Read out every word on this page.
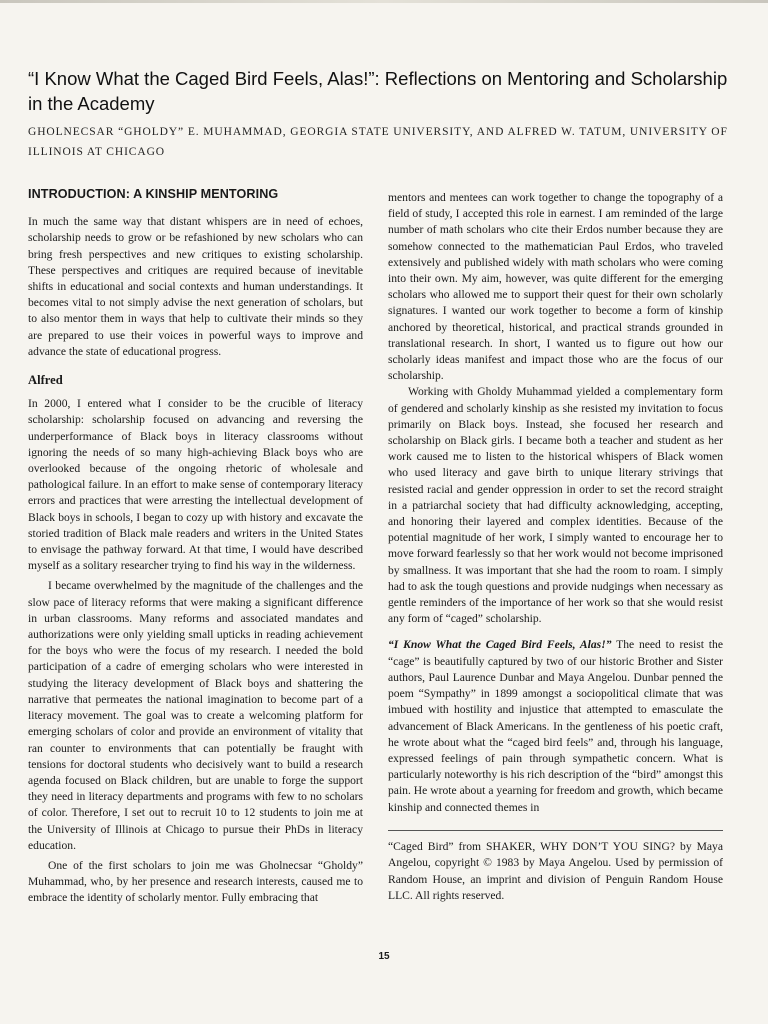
“I Know What the Caged Bird Feels, Alas!”: Reflections on Mentoring and Scholarship in the Academy

GHOLNECSAR “GHOLDY” E. MUHAMMAD, GEORGIA STATE UNIVERSITY, AND ALFRED W. TATUM, UNIVERSITY OF ILLINOIS AT CHICAGO

INTRODUCTION: A KINSHIP MENTORING

In much the same way that distant whispers are in need of echoes, scholarship needs to grow or be refashioned by new scholars who can bring fresh perspectives and new critiques to existing scholarship. These perspectives and critiques are required because of inevitable shifts in educational and social contexts and human understandings. It becomes vital to not simply advise the next generation of scholars, but to also mentor them in ways that help to cultivate their minds so they are prepared to use their voices in powerful ways to improve and advance the state of educational progress.

Alfred

In 2000, I entered what I consider to be the crucible of literacy scholarship: scholarship focused on advancing and reversing the underperformance of Black boys in literacy classrooms without ignoring the needs of so many high-achieving Black boys who are overlooked because of the ongoing rhetoric of wholesale and pathological failure. In an effort to make sense of contemporary literacy errors and practices that were arresting the intellectual development of Black boys in schools, I began to cozy up with history and excavate the storied tradition of Black male readers and writers in the United States to envisage the pathway forward. At that time, I would have described myself as a solitary researcher trying to find his way in the wilderness.

I became overwhelmed by the magnitude of the challenges and the slow pace of literacy reforms that were making a significant difference in urban classrooms. Many reforms and associated mandates and authorizations were only yielding small upticks in reading achievement for the boys who were the focus of my research. I needed the bold participation of a cadre of emerging scholars who were interested in studying the literacy development of Black boys and shattering the narrative that permeates the national imagination to become part of a literacy movement. The goal was to create a welcoming platform for emerging scholars of color and provide an environment of vitality that ran counter to environments that can potentially be fraught with tensions for doctoral students who decisively want to build a research agenda focused on Black children, but are unable to forge the support they need in literacy departments and programs with few to no scholars of color. Therefore, I set out to recruit 10 to 12 students to join me at the University of Illinois at Chicago to pursue their PhDs in literacy education.

One of the first scholars to join me was Gholnecsar “Gholdy” Muhammad, who, by her presence and research interests, caused me to embrace the identity of scholarly mentor. Fully embracing that

mentors and mentees can work together to change the topography of a field of study, I accepted this role in earnest. I am reminded of the large number of math scholars who cite their Erdos number because they are somehow connected to the mathematician Paul Erdos, who traveled extensively and published widely with math scholars who were coming into their own. My aim, however, was quite different for the emerging scholars who allowed me to support their quest for their own scholarly signatures. I wanted our work together to become a form of kinship anchored by theoretical, historical, and practical strands grounded in translational research. In short, I wanted us to figure out how our scholarly ideas manifest and impact those who are the focus of our scholarship.

Working with Gholdy Muhammad yielded a complementary form of gendered and scholarly kinship as she resisted my invitation to focus primarily on Black boys. Instead, she focused her research and scholarship on Black girls. I became both a teacher and student as her work caused me to listen to the historical whispers of Black women who used literacy and gave birth to unique literary strivings that resisted racial and gender oppression in order to set the record straight in a patriarchal society that had difficulty acknowledging, accepting, and honoring their layered and complex identities. Because of the potential magnitude of her work, I simply wanted to encourage her to move forward fearlessly so that her work would not become imprisoned by smallness. It was important that she had the room to roam. I simply had to ask the tough questions and provide nudgings when necessary as gentle reminders of the importance of her work so that she would resist any form of “caged” scholarship.

“I Know What the Caged Bird Feels, Alas!” The need to resist the “cage” is beautifully captured by two of our historic Brother and Sister authors, Paul Laurence Dunbar and Maya Angelou. Dunbar penned the poem “Sympathy” in 1899 amongst a sociopolitical climate that was imbued with hostility and injustice that attempted to emasculate the advancement of Black Americans. In the gentleness of his poetic craft, he wrote about what the “caged bird feels” and, through his language, expressed feelings of pain through sympathetic concern. What is particularly noteworthy is his rich description of the “bird” amongst this pain. He wrote about a yearning for freedom and growth, which became kinship and connected themes in

“Caged Bird” from SHAKER, WHY DON’T YOU SING? by Maya Angelou, copyright © 1983 by Maya Angelou. Used by permission of Random House, an imprint and division of Penguin Random House LLC. All rights reserved.

15
